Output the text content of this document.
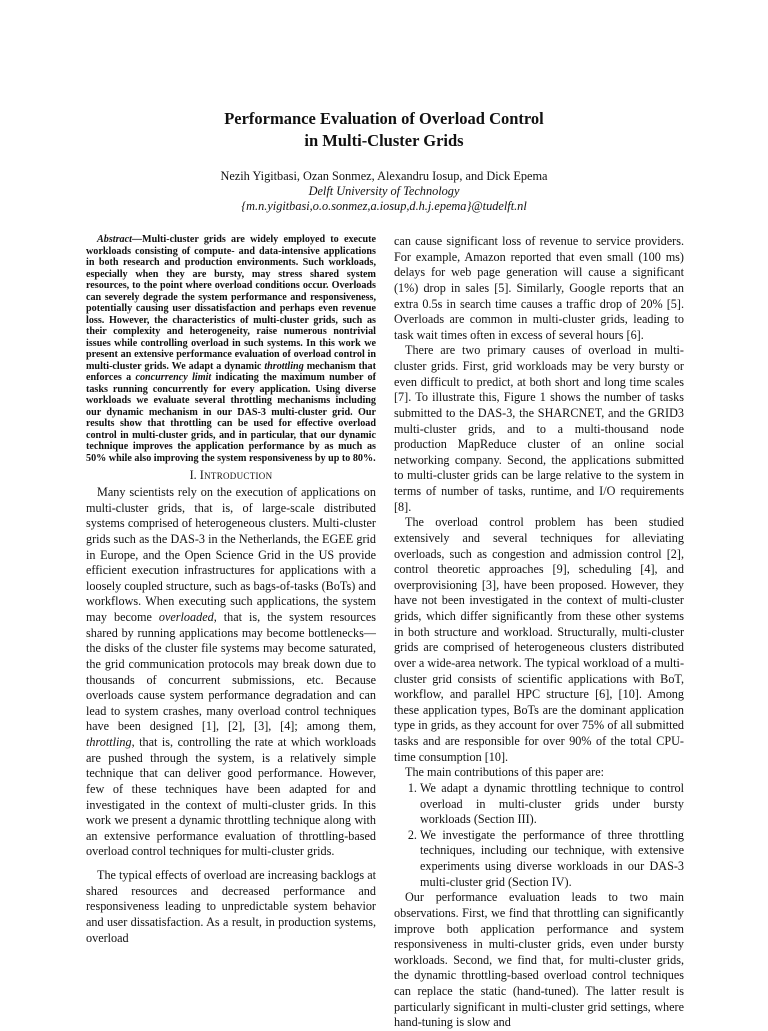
Performance Evaluation of Overload Control
in Multi-Cluster Grids
Nezih Yigitbasi, Ozan Sonmez, Alexandru Iosup, and Dick Epema
Delft University of Technology
{m.n.yigitbasi,o.o.sonmez,a.iosup,d.h.j.epema}@tudelft.nl

Abstract—Multi-cluster grids are widely employed to execute workloads consisting of compute- and data-intensive applications in both research and production environments. Such workloads, especially when they are bursty, may stress shared system resources, to the point where overload conditions occur. Overloads can severely degrade the system performance and responsiveness, potentially causing user dissatisfaction and perhaps even revenue loss. However, the characteristics of multi-cluster grids, such as their complexity and heterogeneity, raise numerous nontrivial issues while controlling overload in such systems. In this work we present an extensive performance evaluation of overload control in multi-cluster grids. We adapt a dynamic throttling mechanism that enforces a concurrency limit indicating the maximum number of tasks running concurrently for every application. Using diverse workloads we evaluate several throttling mechanisms including our dynamic mechanism in our DAS-3 multi-cluster grid. Our results show that throttling can be used for effective overload control in multi-cluster grids, and in particular, that our dynamic technique improves the application performance by as much as 50% while also improving the system responsiveness by up to 80%.

I. Introduction

Many scientists rely on the execution of applications on multi-cluster grids, that is, of large-scale distributed systems comprised of heterogeneous clusters. Multi-cluster grids such as the DAS-3 in the Netherlands, the EGEE grid in Europe, and the Open Science Grid in the US provide efficient execution infrastructures for applications with a loosely coupled structure, such as bags-of-tasks (BoTs) and workflows. When executing such applications, the system may become overloaded, that is, the system resources shared by running applications may become bottlenecks—the disks of the cluster file systems may become saturated, the grid communication protocols may break down due to thousands of concurrent submissions, etc. Because overloads cause system performance degradation and can lead to system crashes, many overload control techniques have been designed [1], [2], [3], [4]; among them, throttling, that is, controlling the rate at which workloads are pushed through the system, is a relatively simple technique that can deliver good performance. However, few of these techniques have been adapted for and investigated in the context of multi-cluster grids. In this work we present a dynamic throttling technique along with an extensive performance evaluation of throttling-based overload control techniques for multi-cluster grids.

The typical effects of overload are increasing backlogs at shared resources and decreased performance and responsiveness leading to unpredictable system behavior and user dissatisfaction. As a result, in production systems, overload

can cause significant loss of revenue to service providers. For example, Amazon reported that even small (100 ms) delays for web page generation will cause a significant (1%) drop in sales [5]. Similarly, Google reports that an extra 0.5s in search time causes a traffic drop of 20% [5]. Overloads are common in multi-cluster grids, leading to task wait times often in excess of several hours [6].

There are two primary causes of overload in multi-cluster grids. First, grid workloads may be very bursty or even difficult to predict, at both short and long time scales [7]. To illustrate this, Figure 1 shows the number of tasks submitted to the DAS-3, the SHARCNET, and the GRID3 multi-cluster grids, and to a multi-thousand node production MapReduce cluster of an online social networking company. Second, the applications submitted to multi-cluster grids can be large relative to the system in terms of number of tasks, runtime, and I/O requirements [8].

The overload control problem has been studied extensively and several techniques for alleviating overloads, such as congestion and admission control [2], control theoretic approaches [9], scheduling [4], and overprovisioning [3], have been proposed. However, they have not been investigated in the context of multi-cluster grids, which differ significantly from these other systems in both structure and workload. Structurally, multi-cluster grids are comprised of heterogeneous clusters distributed over a wide-area network. The typical workload of a multi-cluster grid consists of scientific applications with BoT, workflow, and parallel HPC structure [6], [10]. Among these application types, BoTs are the dominant application type in grids, as they account for over 75% of all submitted tasks and are responsible for over 90% of the total CPU-time consumption [10].

The main contributions of this paper are:

1. We adapt a dynamic throttling technique to control overload in multi-cluster grids under bursty workloads (Section III).
2. We investigate the performance of three throttling techniques, including our technique, with extensive experiments using diverse workloads in our DAS-3 multi-cluster grid (Section IV).

Our performance evaluation leads to two main observations. First, we find that throttling can significantly improve both application performance and system responsiveness in multi-cluster grids, even under bursty workloads. Second, we find that, for multi-cluster grids, the dynamic throttling-based overload control techniques can replace the static (hand-tuned). The latter result is particularly significant in multi-cluster grid settings, where hand-tuning is slow and
